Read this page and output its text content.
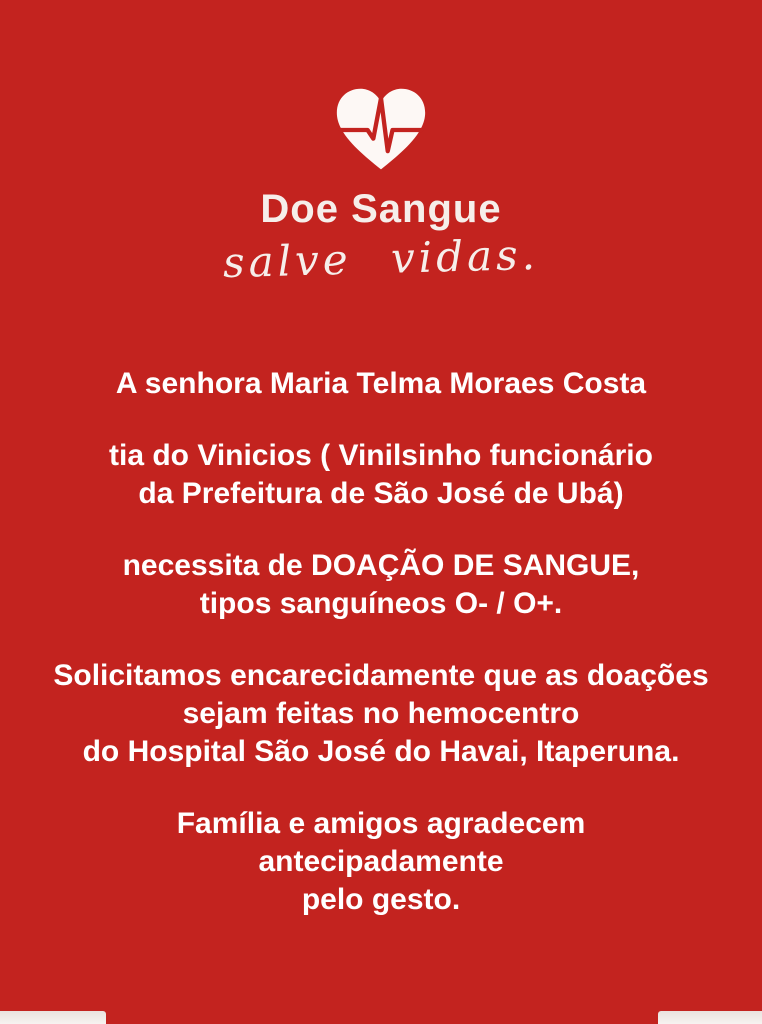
Doe Sangue
salve vidas.

A senhora Maria Telma Moraes Costa

tia do Vinicios ( Vinilsinho funcionário
da Prefeitura de São José de Ubá)

necessita de DOAÇÃO DE SANGUE,
tipos sanguíneos O- / O+.

Solicitamos encarecidamente que as doações
sejam feitas no hemocentro
do Hospital São José do Havai, Itaperuna.

Família e amigos agradecem
antecipadamente
pelo gesto.
